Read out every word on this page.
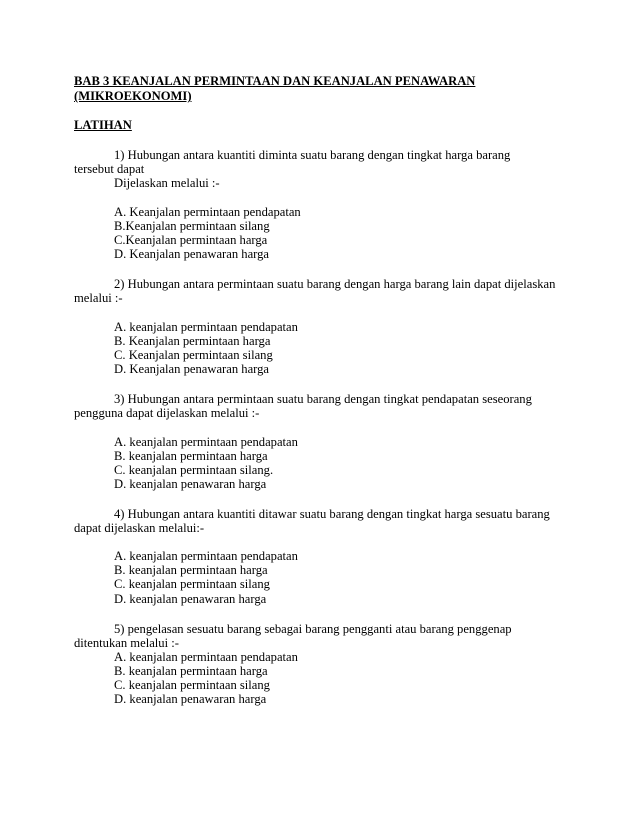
BAB 3 KEANJALAN PERMINTAAN DAN KEANJALAN PENAWARAN
(MIKROEKONOMI)
LATIHAN
1) Hubungan antara kuantiti diminta suatu barang dengan tingkat harga barang
tersebut dapat
Dijelaskan melalui :-
A. Keanjalan permintaan pendapatan
B.Keanjalan permintaan silang
C.Keanjalan permintaan harga
D. Keanjalan penawaran harga
2) Hubungan antara permintaan suatu barang dengan harga barang lain dapat dijelaskan
melalui :-
A. keanjalan permintaan pendapatan
B. Keanjalan permintaan harga
C. Keanjalan permintaan silang
D. Keanjalan penawaran harga
3) Hubungan antara permintaan suatu barang dengan tingkat pendapatan seseorang
pengguna dapat dijelaskan melalui :-
A. keanjalan permintaan pendapatan
B. keanjalan permintaan harga
C. keanjalan permintaan silang.
D. keanjalan penawaran harga
4) Hubungan antara kuantiti ditawar suatu barang dengan tingkat harga sesuatu barang
dapat dijelaskan melalui:-
A. keanjalan permintaan pendapatan
B. keanjalan permintaan harga
C. keanjalan permintaan silang
D. keanjalan penawaran harga
5) pengelasan sesuatu barang sebagai barang pengganti atau barang penggenap
ditentukan melalui :-
A. keanjalan permintaan pendapatan
B. keanjalan permintaan harga
C. keanjalan permintaan silang
D. keanjalan penawaran harga
